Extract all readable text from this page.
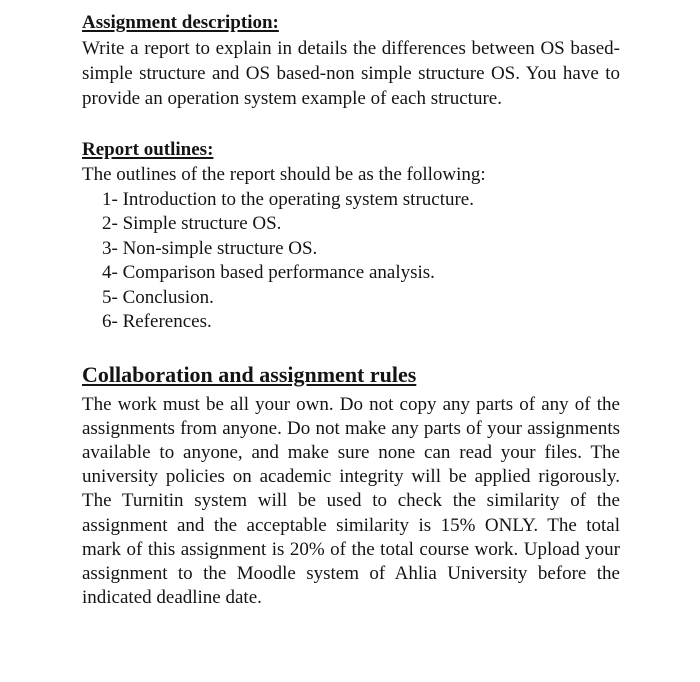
Assignment description:

Write a report to explain in details the differences between OS based-simple structure and OS based-non simple structure OS. You have to provide an operation system example of each structure.

Report outlines:

The outlines of the report should be as the following:

1- Introduction to the operating system structure.
2- Simple structure OS.
3- Non-simple structure OS.
4- Comparison based performance analysis.
5- Conclusion.
6- References.
Collaboration and assignment rules

The work must be all your own. Do not copy any parts of any of the assignments from anyone. Do not make any parts of your assignments available to anyone, and make sure none can read your files. The university policies on academic integrity will be applied rigorously. The Turnitin system will be used to check the similarity of the assignment and the acceptable similarity is 15% ONLY. The total mark of this assignment is 20% of the total course work. Upload your assignment to the Moodle system of Ahlia University before the indicated deadline date.
